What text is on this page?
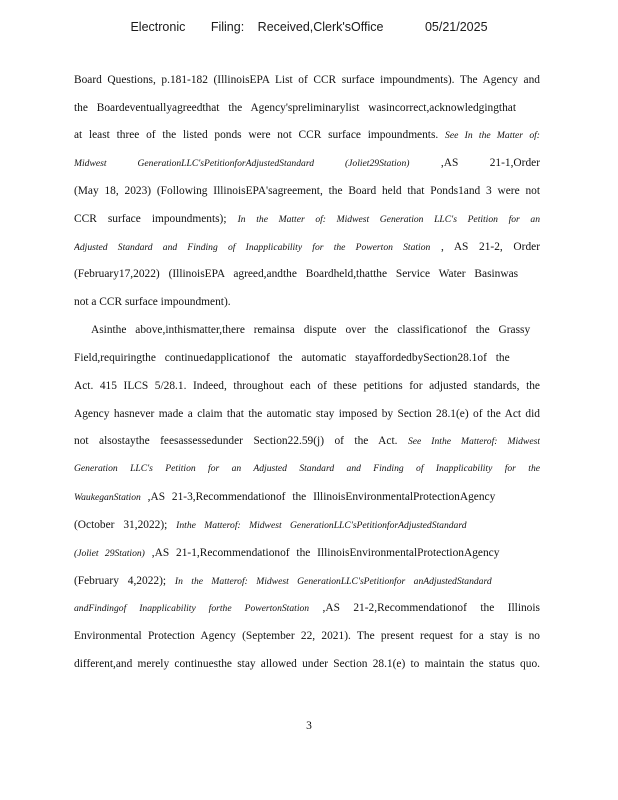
Electronic Filing: Received,Clerk'sOffice	05/21/2025
Board Questions, p.181-182 (IllinoisEPA List of CCR surface impoundments). The Agency and
the Boardeventuallyagreedthat the Agency'spreliminarylist wasincorrect,acknowledgingthat
at least three of the listed ponds were not CCR surface impoundments. See In the Matter of:
Midwest GenerationLLC'sPetitionforAdjustedStandard (Joliet29Station)	,AS 21-1,Order
(May 18, 2023) (Following IllinoisEPA'sagreement, the Board held that Ponds1and 3 were not
CCR surface impoundments); In the Matter of: Midwest Generation LLC's Petition for an
Adjusted Standard and Finding of Inapplicability for the Powerton Station , AS 21-2, Order
(February17,2022) (IllinoisEPA agreed,andthe Boardheld,thatthe Service Water Basinwas
not a CCR surface impoundment).
Asinthe above,inthismatter,there remainsa dispute over the classificationof the Grassy
Field,requiringthe continuedapplicationof the automatic stayaffordedbySection28.1of the
Act. 415 ILCS 5/28.1. Indeed, throughout each of these petitions for adjusted standards, the
Agency hasnever made a claim that the automatic stay imposed by Section 28.1(e) of the Act did
not alsostaythe feesassessedunder Section22.59(j) of the Act. See Inthe Matterof: Midwest
Generation LLC's Petition for an Adjusted Standard and Finding of Inapplicability for the
WaukeganStation ,AS 21-3,Recommendationof the IllinoisEnvironmentalProtectionAgency
(October 31,2022); Inthe Matterof: Midwest GenerationLLC'sPetitionforAdjustedStandard
(Joliet 29Station) ,AS 21-1,Recommendationof the IllinoisEnvironmentalProtectionAgency
(February 4,2022); In the Matterof: Midwest GenerationLLC'sPetitionfor anAdjustedStandard
andFindingof Inapplicability forthe PowertonStation ,AS 21-2,Recommendationof the Illinois
Environmental Protection Agency (September 22, 2021). The present request for a stay is no
different,and merely continuesthe stay allowed under Section 28.1(e) to maintain the status quo.
3
